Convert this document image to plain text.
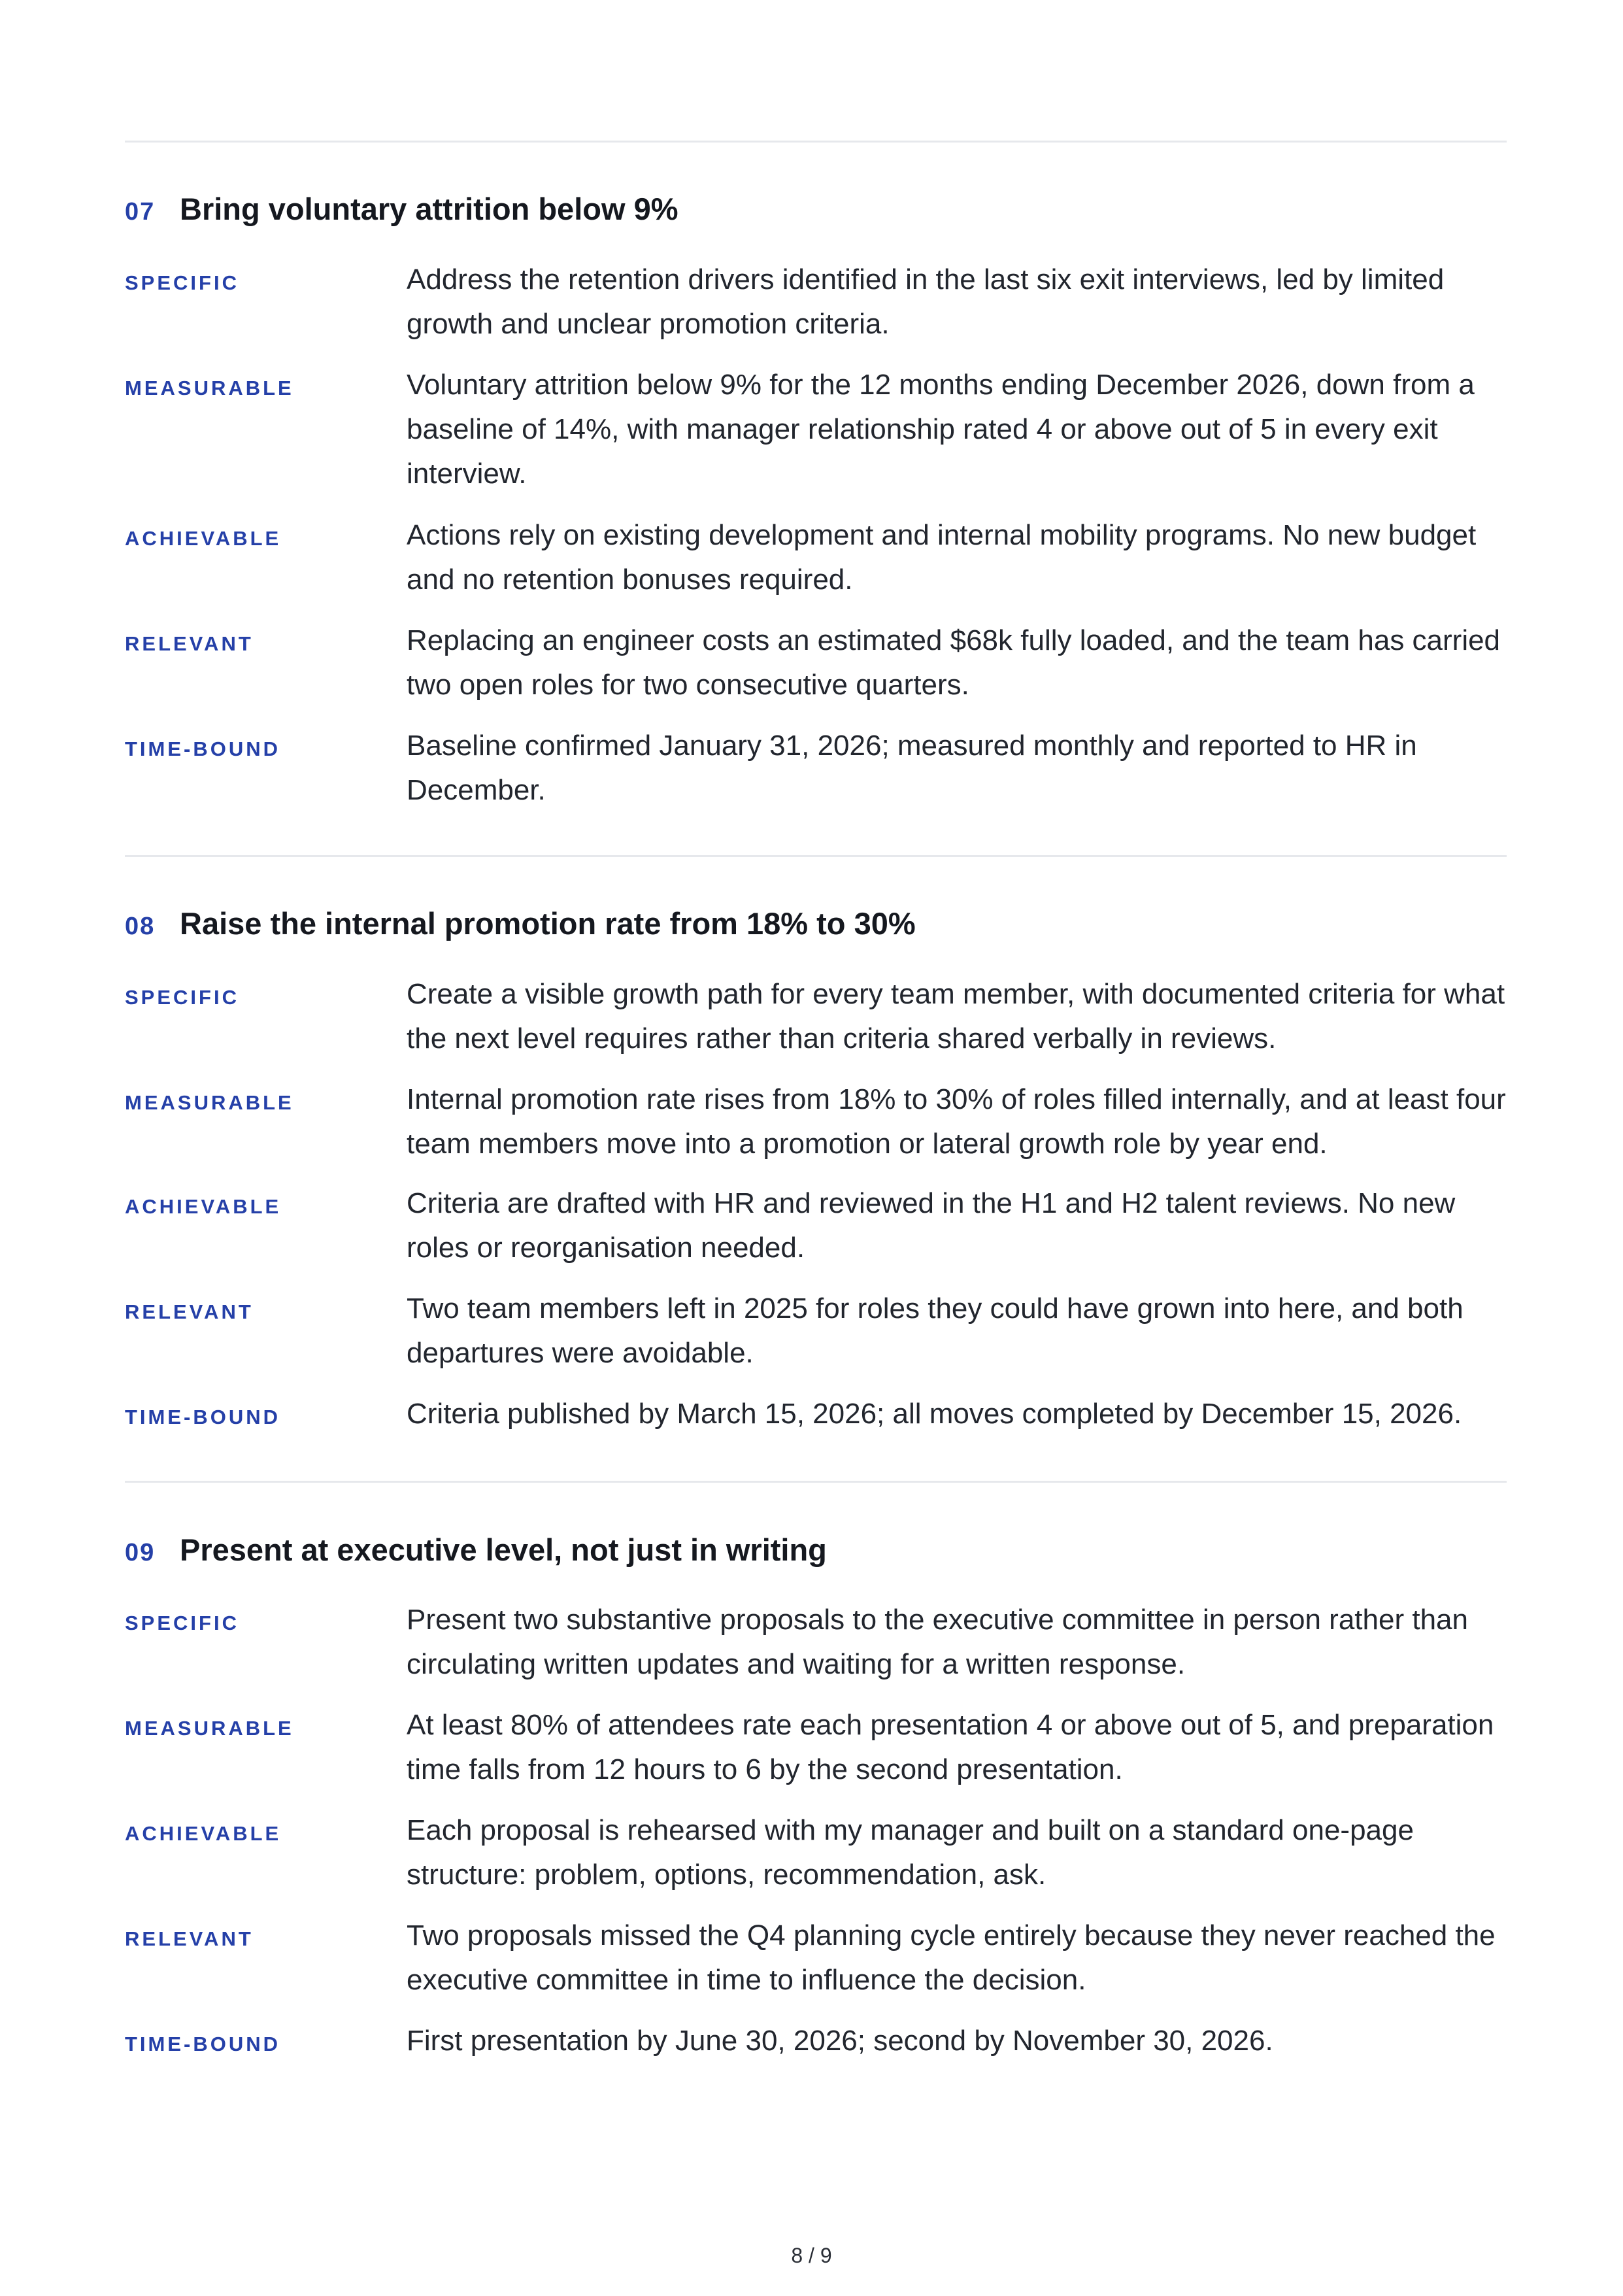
07 Bring voluntary attrition below 9%
SPECIFIC	Address the retention drivers identified in the last six exit interviews, led by limited growth and unclear promotion criteria.
MEASURABLE	Voluntary attrition below 9% for the 12 months ending December 2026, down from a baseline of 14%, with manager relationship rated 4 or above out of 5 in every exit interview.
ACHIEVABLE	Actions rely on existing development and internal mobility programs. No new budget and no retention bonuses required.
RELEVANT	Replacing an engineer costs an estimated $68k fully loaded, and the team has carried two open roles for two consecutive quarters.
TIME-BOUND	Baseline confirmed January 31, 2026; measured monthly and reported to HR in December.
08 Raise the internal promotion rate from 18% to 30%
SPECIFIC	Create a visible growth path for every team member, with documented criteria for what the next level requires rather than criteria shared verbally in reviews.
MEASURABLE	Internal promotion rate rises from 18% to 30% of roles filled internally, and at least four team members move into a promotion or lateral growth role by year end.
ACHIEVABLE	Criteria are drafted with HR and reviewed in the H1 and H2 talent reviews. No new roles or reorganisation needed.
RELEVANT	Two team members left in 2025 for roles they could have grown into here, and both departures were avoidable.
TIME-BOUND	Criteria published by March 15, 2026; all moves completed by December 15, 2026.
09 Present at executive level, not just in writing
SPECIFIC	Present two substantive proposals to the executive committee in person rather than circulating written updates and waiting for a written response.
MEASURABLE	At least 80% of attendees rate each presentation 4 or above out of 5, and preparation time falls from 12 hours to 6 by the second presentation.
ACHIEVABLE	Each proposal is rehearsed with my manager and built on a standard one-page structure: problem, options, recommendation, ask.
RELEVANT	Two proposals missed the Q4 planning cycle entirely because they never reached the executive committee in time to influence the decision.
TIME-BOUND	First presentation by June 30, 2026; second by November 30, 2026.
8 / 9
